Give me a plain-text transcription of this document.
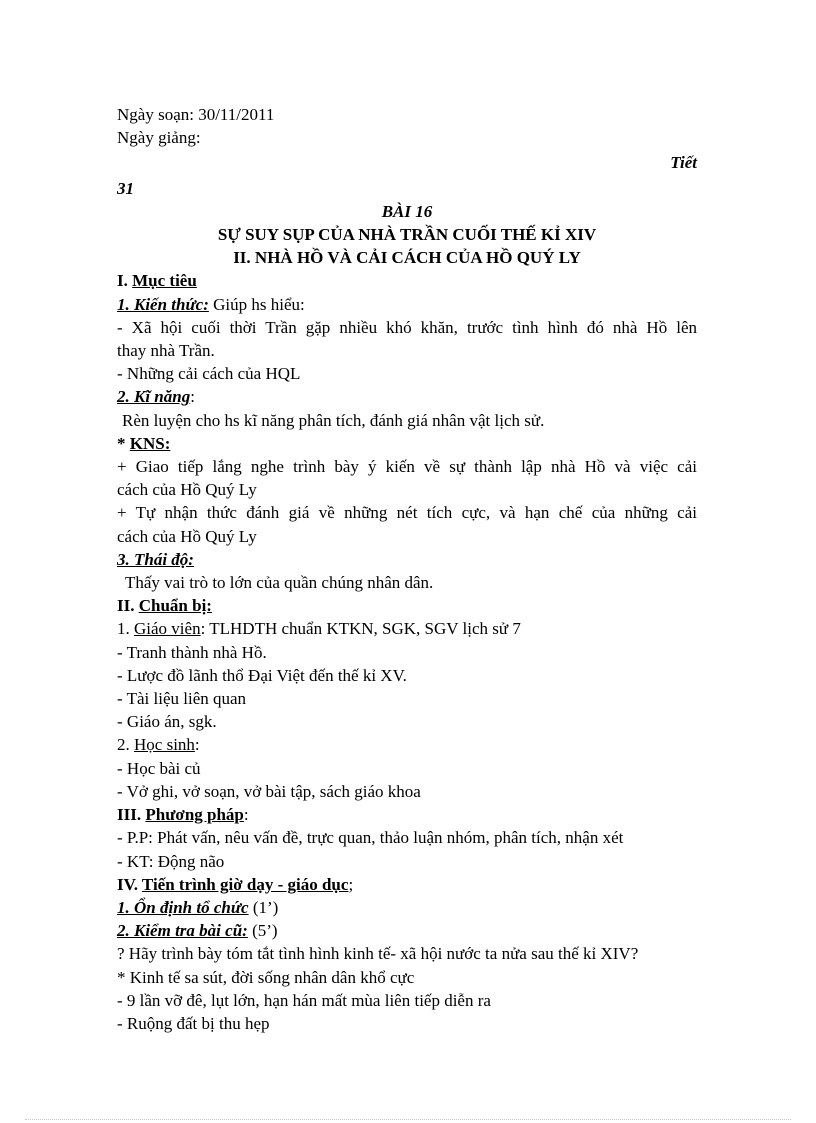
Ngày soạn: 30/11/2011
Ngày giảng:
Tiết
31
BÀI 16
SỰ SUY SỤP CỦA NHÀ TRẦN CUỐI THẾ KỈ XIV
II. NHÀ HỒ VÀ CẢI CÁCH CỦA HỒ QUÝ LY
I. Mục tiêu
1. Kiến thức: Giúp hs hiểu:
- Xã hội cuối thời Trần gặp nhiều khó khăn, trước tình hình đó nhà Hồ lên
thay nhà Trần.
- Những cải cách của HQL
2. Kĩ năng:
Rèn luyện cho hs kĩ năng phân tích, đánh giá nhân vật lịch sử.
* KNS:
+ Giao tiếp lắng nghe trình bày ý kiến về sự thành lập nhà Hồ và việc cải
cách của Hồ Quý Ly
+ Tự nhận thức đánh giá về những nét tích cực, và hạn chế của những cải
cách của Hồ Quý Ly
3. Thái độ:
Thấy vai trò to lớn của quần chúng nhân dân.
II. Chuẩn bị:
1. Giáo viên: TLHDTH chuẩn KTKN, SGK, SGV lịch sử 7
- Tranh thành nhà Hồ.
- Lược đồ lãnh thổ Đại Việt đến thế kỉ XV.
- Tài liệu liên quan
- Giáo án, sgk.
2. Học sinh:
- Học bài củ
- Vở ghi, vở soạn, vở bài tập, sách giáo khoa
III. Phương pháp:
- P.P: Phát vấn, nêu vấn đề, trực quan, thảo luận nhóm, phân tích, nhận xét
- KT: Động não
IV. Tiến trình giờ dạy - giáo dục;
1. Ổn định tổ chức (1’)
2. Kiểm tra bài cũ: (5’)
? Hãy trình bày tóm tắt tình hình kinh tế- xã hội nước ta nửa sau thế kỉ XIV?
* Kinh tế sa sút, đời sống nhân dân khổ cực
- 9 lần vỡ đê, lụt lớn, hạn hán mất mùa liên tiếp diễn ra
- Ruộng đất bị thu hẹp
